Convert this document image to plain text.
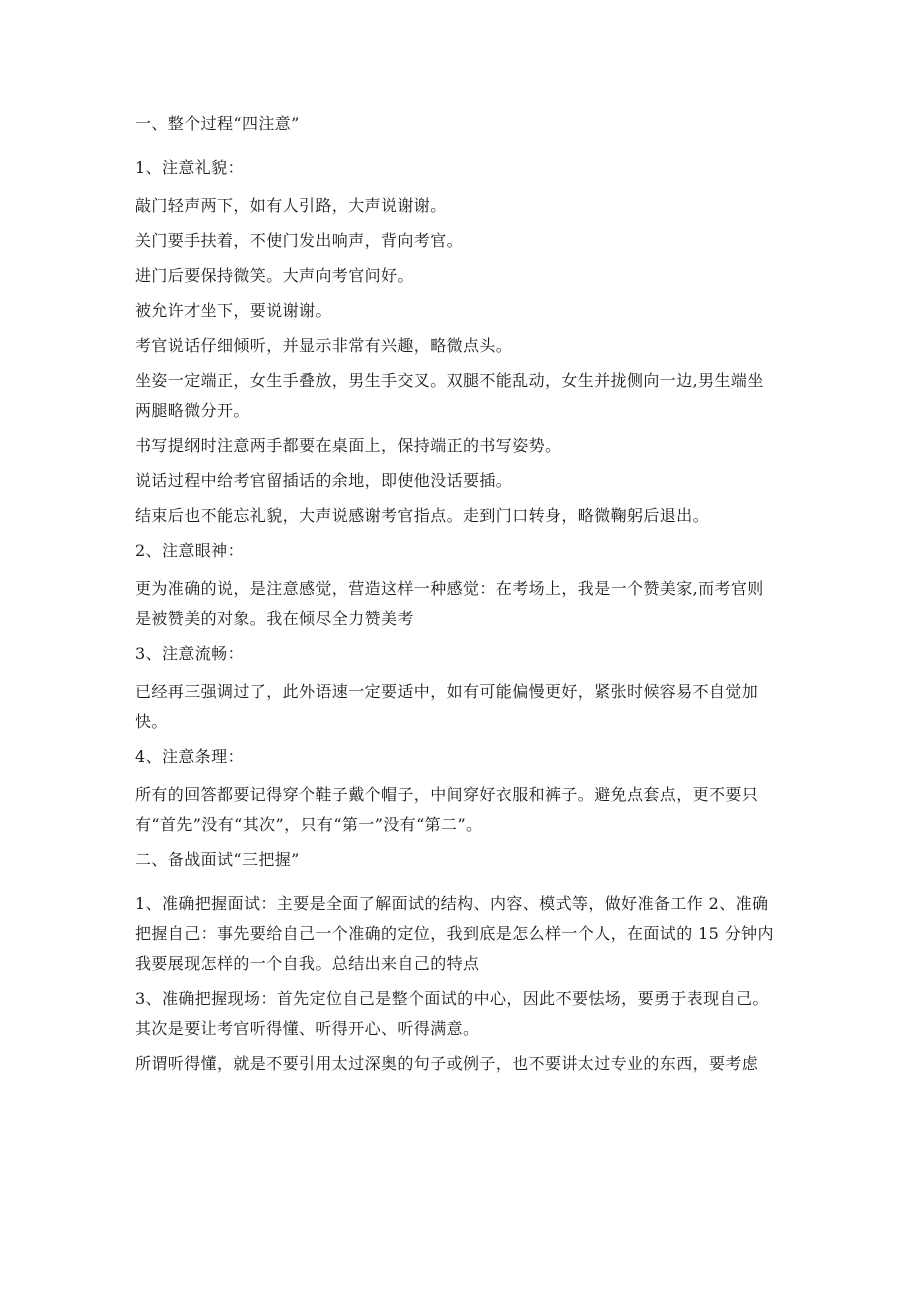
一、整个过程“四注意”
1、注意礼貌：
敲门轻声两下，如有人引路，大声说谢谢。
关门要手扶着，不使门发出响声，背向考官。
进门后要保持微笑。大声向考官问好。
被允许才坐下，要说谢谢。
考官说话仔细倾听，并显示非常有兴趣，略微点头。
坐姿一定端正，女生手叠放，男生手交叉。双腿不能乱动，女生并拢侧向一边,男生端坐
两腿略微分开。
书写提纲时注意两手都要在桌面上，保持端正的书写姿势。
说话过程中给考官留插话的余地，即使他没话要插。
结束后也不能忘礼貌，大声说感谢考官指点。走到门口转身，略微鞠躬后退出。
2、注意眼神：
更为准确的说，是注意感觉，营造这样一种感觉：在考场上，我是一个赞美家,而考官则
是被赞美的对象。我在倾尽全力赞美考
3、注意流畅：
已经再三强调过了，此外语速一定要适中，如有可能偏慢更好，紧张时候容易不自觉加
快。
4、注意条理：
所有的回答都要记得穿个鞋子戴个帽子，中间穿好衣服和裤子。避免点套点，更不要只
有“首先”没有“其次”，只有“第一”没有“第二”。
二、备战面试“三把握”
1、准确把握面试：主要是全面了解面试的结构、内容、模式等，做好准备工作 2、准确
把握自己：事先要给自己一个准确的定位，我到底是怎么样一个人，在面试的 15 分钟内
我要展现怎样的一个自我。总结出来自己的特点
3、准确把握现场：首先定位自己是整个面试的中心，因此不要怯场，要勇于表现自己。
其次是要让考官听得懂、听得开心、听得满意。
所谓听得懂，就是不要引用太过深奥的句子或例子，也不要讲太过专业的东西，要考虑
